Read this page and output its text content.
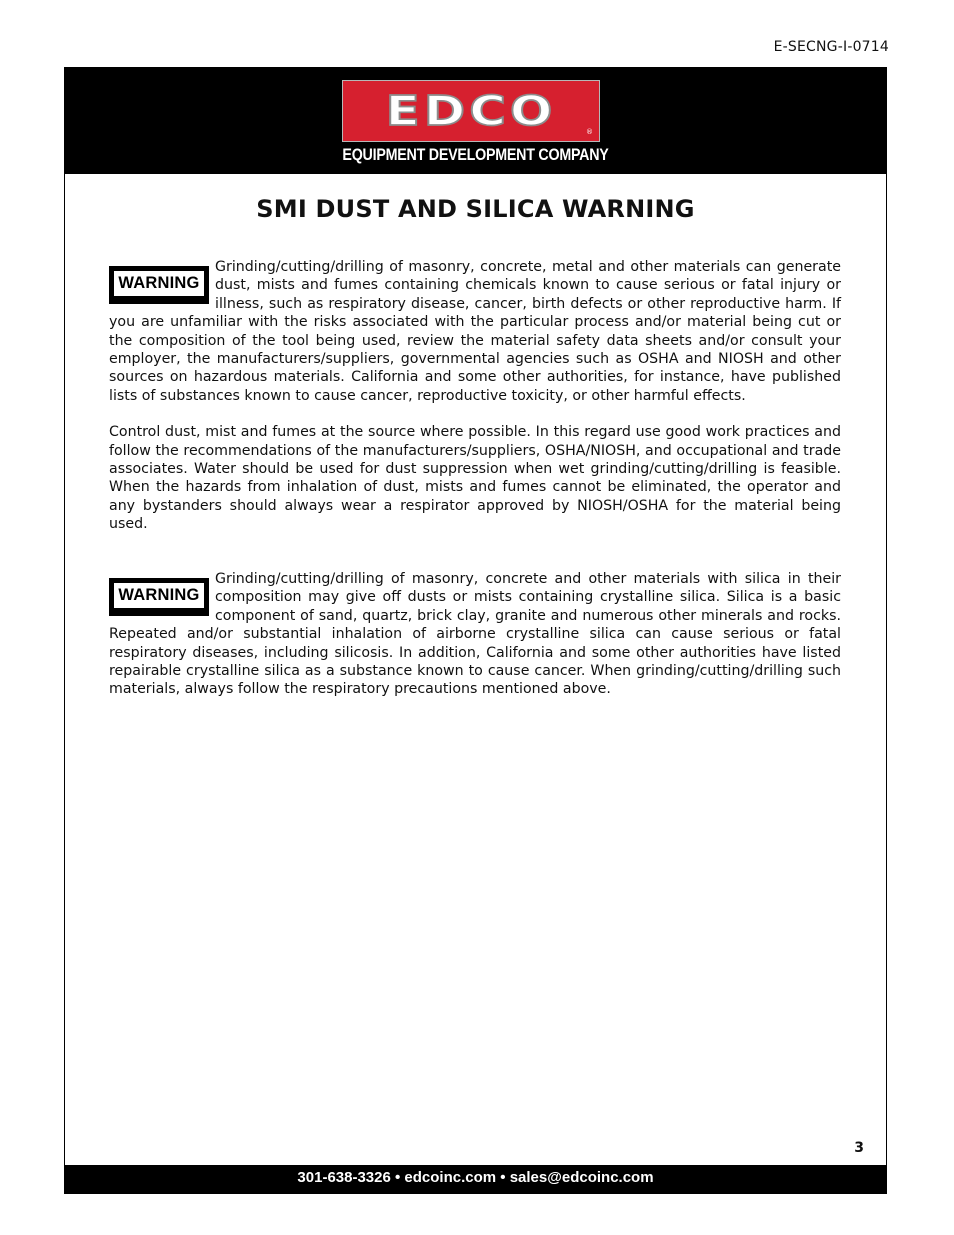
E-SECNG-I-0714
EDCO	®
EQUIPMENT DEVELOPMENT COMPANY
SMI DUST AND SILICA WARNING
WARNING

Grinding/cutting/drilling of masonry, concrete, metal and other materials can generate dust, mists and fumes containing chemicals known to cause serious or fatal injury or illness, such as respiratory disease, cancer, birth defects or other reproductive harm. If you are unfamiliar with the risks associated with the particular process and/or material being cut or the composition of the tool being used, review the material safety data sheets and/or consult your employer, the manufacturers/suppliers, governmental agencies such as OSHA and NIOSH and other sources on hazardous materials. California and some other authorities, for instance, have published lists of substances known to cause cancer, reproductive toxicity, or other harmful effects.

Control dust, mist and fumes at the source where possible. In this regard use good work practices and follow the recommendations of the manufacturers/suppliers, OSHA/NIOSH, and occupational and trade associates. Water should be used for dust suppression when wet grinding/cutting/drilling is feasible. When the hazards from inhalation of dust, mists and fumes cannot be eliminated, the operator and any bystanders should always wear a respirator approved by NIOSH/OSHA for the material being used.

WARNING

Grinding/cutting/drilling of masonry, concrete and other materials with silica in their composition may give off dusts or mists containing crystalline silica. Silica is a basic component of sand, quartz, brick clay, granite and numerous other minerals and rocks. Repeated and/or substantial inhalation of airborne crystalline silica can cause serious or fatal respiratory diseases, including silicosis. In addition, California and some other authorities have listed repairable crystalline silica as a substance known to cause cancer. When grinding/cutting/drilling such materials, always follow the respiratory precautions mentioned above.

3
301-638-3326 • edcoinc.com • sales@edcoinc.com
